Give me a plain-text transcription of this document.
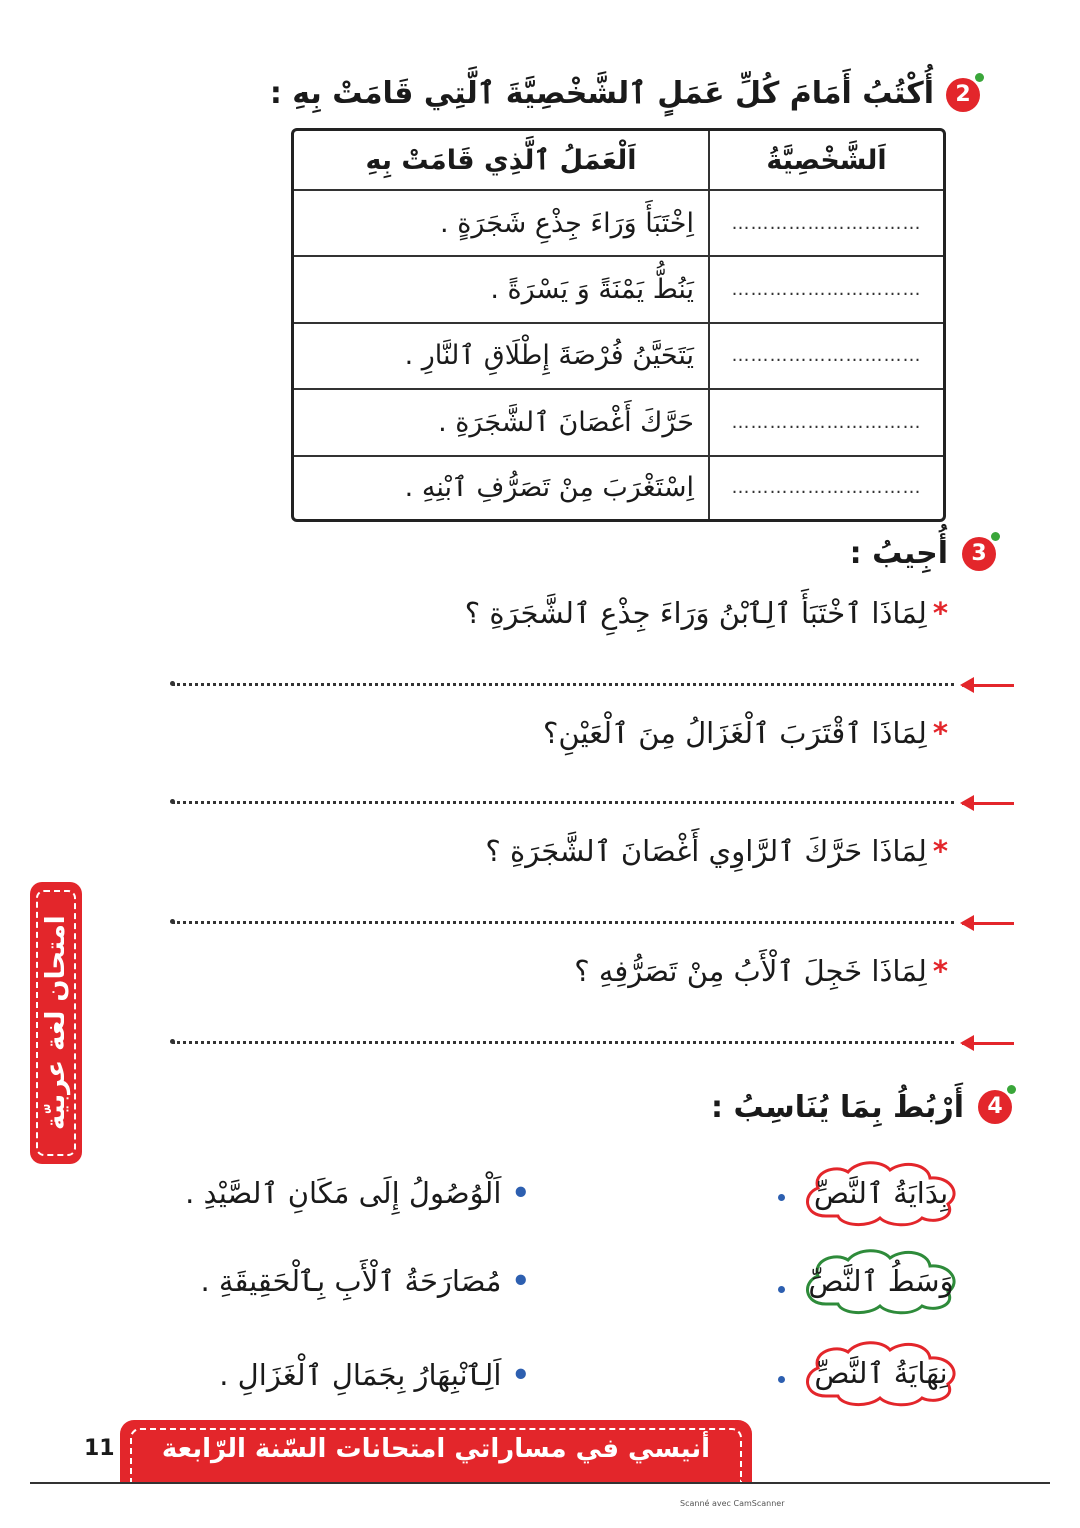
2
أُكْتُبُ أَمَامَ كُلِّ عَمَلٍ ٱلشَّخْصِيَّةَ ٱلَّتِي قَامَتْ بِهِ :
اَلشَّخْصِيَّةُ	اَلْعَمَلُ ٱلَّذِي قَامَتْ بِهِ
…………………………	اِخْتَبَأَ وَرَاءَ جِذْعِ شَجَرَةٍ .
…………………………	يَنُطُّ يَمْنَةً وَ يَسْرَةً .
…………………………	يَتَحَيَّنُ فُرْصَةَ إِطْلَاقِ ٱلنَّارِ .
…………………………	حَرَّكَ أَغْصَانَ ٱلشَّجَرَةِ .
…………………………	اِسْتَغْرَبَ مِنْ تَصَرُّفِ ٱبْنِهِ .
3
أُجِيبُ :
*لِمَاذَا ٱخْتَبَأَ ٱلِٱبْنُ وَرَاءَ جِذْعِ ٱلشَّجَرَةِ ؟
*لِمَاذَا ٱقْتَرَبَ ٱلْغَزَالُ مِنَ ٱلْعَيْنِ؟
*لِمَاذَا حَرَّكَ ٱلرَّاوِي أَغْصَانَ ٱلشَّجَرَةِ ؟
*لِمَاذَا خَجِلَ ٱلْأَبُ مِنْ تَصَرُّفِهِ ؟
4
أَرْبُطُ بِمَا يُنَاسِبُ :
بِدَايَةُ ٱلنَّصِّ
وَسَطُ ٱلنَّصِّ
نِهَايَةُ ٱلنَّصِّ
•اَلْوُصُولُ إِلَى مَكَانِ ٱلصَّيْدِ .
•مُصَارَحَةُ ٱلْأَبِ بِٱلْحَقِيقَةِ .
•اَلِٱنْبِهَارُ بِجَمَالِ ٱلْغَزَالِ .
امتحان لغة عربيّة
أنيسي في مساراتي امتحانات السّنة الرّابعة
11
Scanné avec CamScanner
